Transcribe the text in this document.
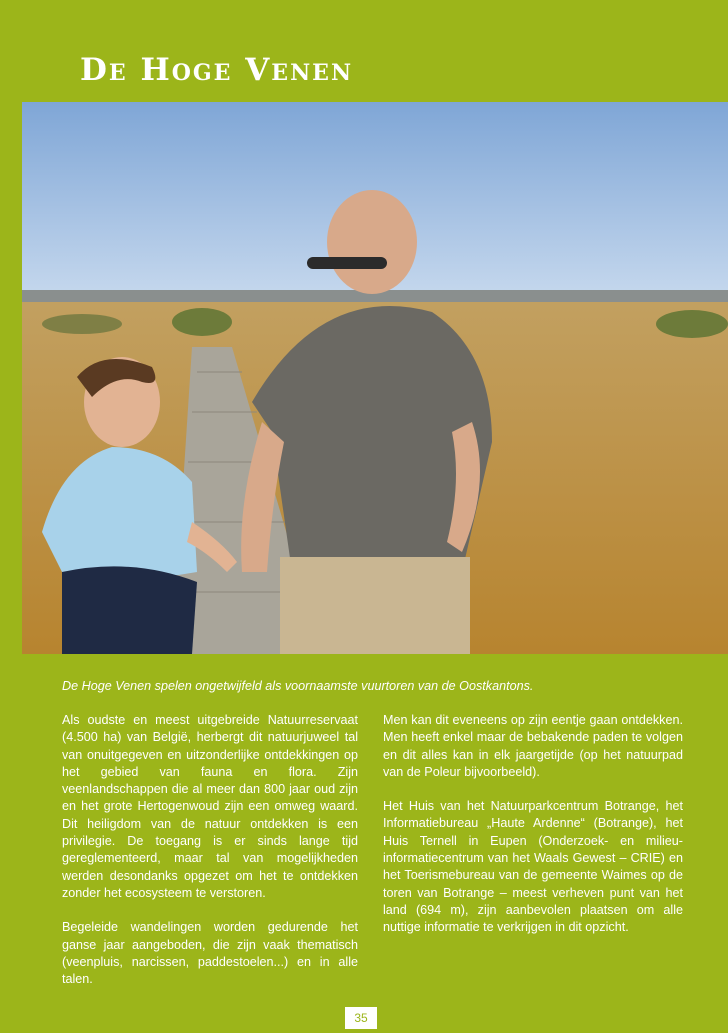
De Hoge Venen

De Hoge Venen spelen ongetwijfeld als voornaamste vuurtoren van de Oostkantons.

Als oudste en meest uitgebreide Natuurreservaat (4.500 ha) van België, herbergt dit natuurjuweel tal van onuitgegeven en uitzonderlijke ontdekkingen op het gebied van fauna en flora. Zijn veenlandschappen die al meer dan 800 jaar oud zijn en het grote Hertogenwoud zijn een omweg waard. Dit heiligdom van de natuur ontdekken is een privilegie. De toegang is er sinds lange tijd gereglementeerd, maar tal van mogelijkheden werden desondanks opgezet om het te ontdekken zonder het ecosysteem te verstoren.

Begeleide wandelingen worden gedurende het ganse jaar aangeboden, die zijn vaak thematisch (veenpluis, narcissen, paddestoelen...) en in alle talen.

Men kan dit eveneens op zijn eentje gaan ontdekken. Men heeft enkel maar de bebakende paden te volgen en dit alles kan in elk jaargetijde (op het natuurpad van de Poleur bijvoorbeeld).

Het Huis van het Natuurparkcentrum Botrange, het Informatiebureau „Haute Ardenne“ (Botrange), het Huis Ternell in Eupen (Onderzoek- en milieu-informatiecentrum van het Waals Gewest – CRIE) en het Toerismebureau van de gemeente Waimes op de toren van Botrange – meest verheven punt van het land (694 m), zijn aanbevolen plaatsen om alle nuttige informatie te verkrijgen in dit opzicht.

35
